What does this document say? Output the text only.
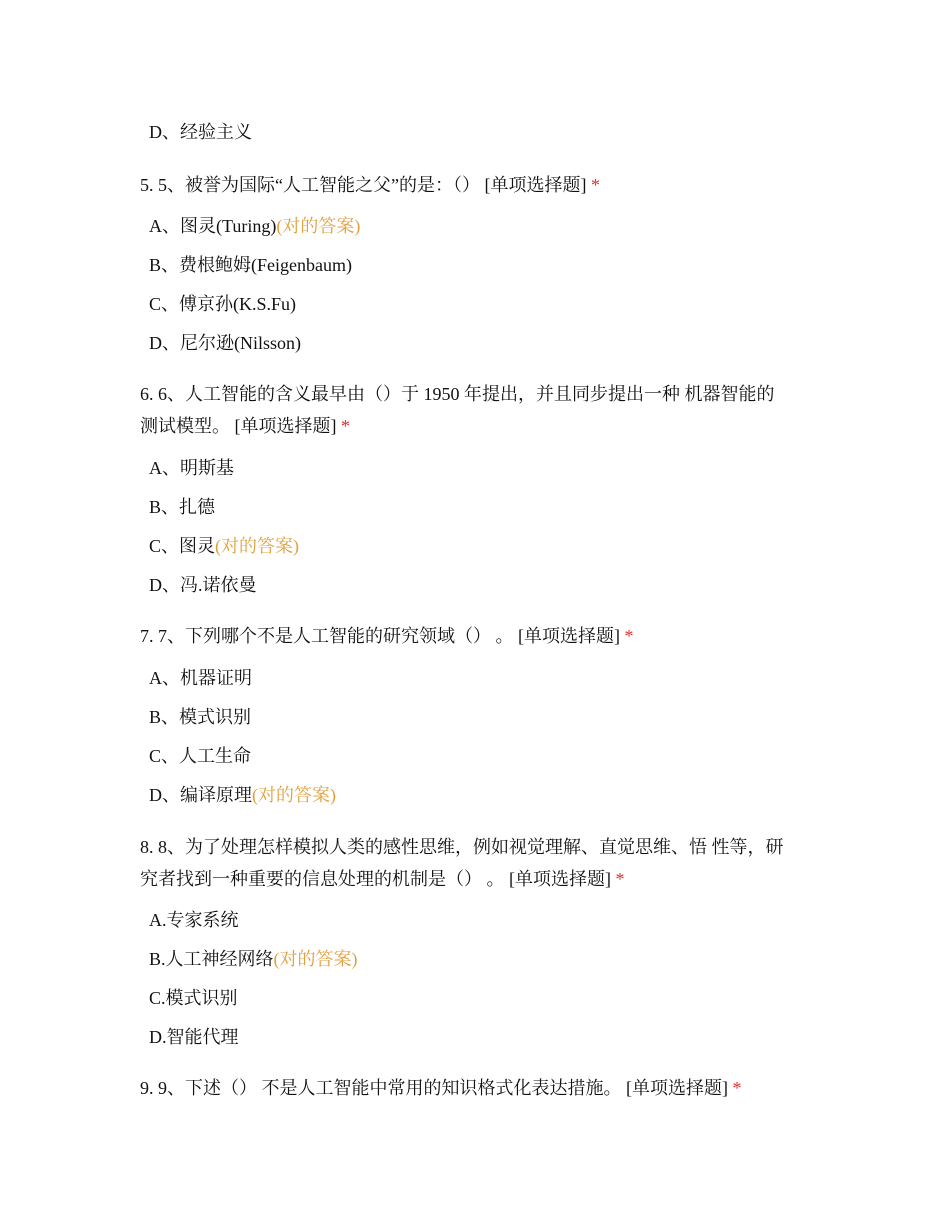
D、经验主义
5. 5、被誉为国际“人工智能之父”的是：（） [单项选择题] *
A、图灵(Turing)(对的答案)
B、费根鲍姆(Feigenbaum)
C、傅京孙(K.S.Fu)
D、尼尔逊(Nilsson)
6. 6、人工智能的含义最早由（）于 1950 年提出，并且同步提出一种 机器智能的
测试模型。 [单项选择题] *
A、明斯基
B、扎德
C、图灵(对的答案)
D、冯.诺依曼
7. 7、下列哪个不是人工智能的研究领域（） 。 [单项选择题] *
A、机器证明
B、模式识别
C、人工生命
D、编译原理(对的答案)
8. 8、为了处理怎样模拟人类的感性思维，例如视觉理解、直觉思维、悟 性等，研
究者找到一种重要的信息处理的机制是（） 。 [单项选择题] *
A.专家系统
B.人工神经网络(对的答案)
C.模式识别
D.智能代理
9. 9、下述（） 不是人工智能中常用的知识格式化表达措施。 [单项选择题] *
